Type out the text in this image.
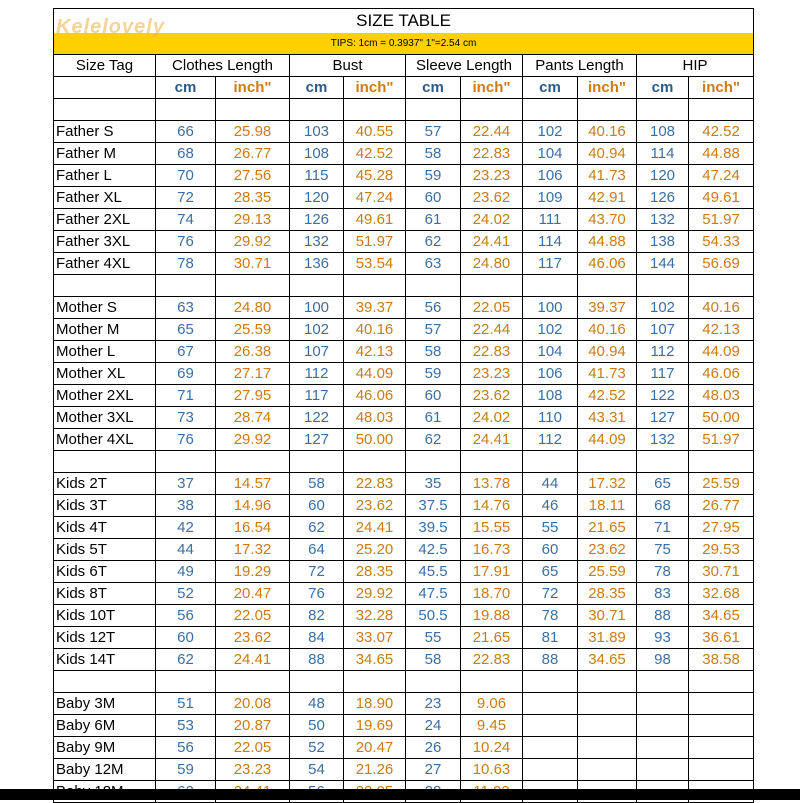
SIZE TABLE										
TIPS: 1cm = 0.3937" 1"=2.54 cm										
Size Tag	Clothes Length		Bust		Sleeve Length		Pants Length		HIP	
	cm	inch"	cm	inch"	cm	inch"	cm	inch"	cm	inch"

Father S	66	25.98	103	40.55	57	22.44	102	40.16	108	42.52
Father M	68	26.77	108	42.52	58	22.83	104	40.94	114	44.88
Father L	70	27.56	115	45.28	59	23.23	106	41.73	120	47.24
Father XL	72	28.35	120	47.24	60	23.62	109	42.91	126	49.61
Father 2XL	74	29.13	126	49.61	61	24.02	111	43.70	132	51.97
Father 3XL	76	29.92	132	51.97	62	24.41	114	44.88	138	54.33
Father 4XL	78	30.71	136	53.54	63	24.80	117	46.06	144	56.69

Mother S	63	24.80	100	39.37	56	22.05	100	39.37	102	40.16
Mother M	65	25.59	102	40.16	57	22.44	102	40.16	107	42.13
Mother L	67	26.38	107	42.13	58	22.83	104	40.94	112	44.09
Mother XL	69	27.17	112	44.09	59	23.23	106	41.73	117	46.06
Mother 2XL	71	27.95	117	46.06	60	23.62	108	42.52	122	48.03
Mother 3XL	73	28.74	122	48.03	61	24.02	110	43.31	127	50.00
Mother 4XL	76	29.92	127	50.00	62	24.41	112	44.09	132	51.97

Kids 2T	37	14.57	58	22.83	35	13.78	44	17.32	65	25.59
Kids 3T	38	14.96	60	23.62	37.5	14.76	46	18.11	68	26.77
Kids 4T	42	16.54	62	24.41	39.5	15.55	55	21.65	71	27.95
Kids 5T	44	17.32	64	25.20	42.5	16.73	60	23.62	75	29.53
Kids 6T	49	19.29	72	28.35	45.5	17.91	65	25.59	78	30.71
Kids 8T	52	20.47	76	29.92	47.5	18.70	72	28.35	83	32.68
Kids 10T	56	22.05	82	32.28	50.5	19.88	78	30.71	88	34.65
Kids 12T	60	23.62	84	33.07	55	21.65	81	31.89	93	36.61
Kids 14T	62	24.41	88	34.65	58	22.83	88	34.65	98	38.58

Baby 3M	51	20.08	48	18.90	23	9.06				
Baby 6M	53	20.87	50	19.69	24	9.45				
Baby 9M	56	22.05	52	20.47	26	10.24				
Baby 12M	59	23.23	54	21.26	27	10.63				

Kelelovely
